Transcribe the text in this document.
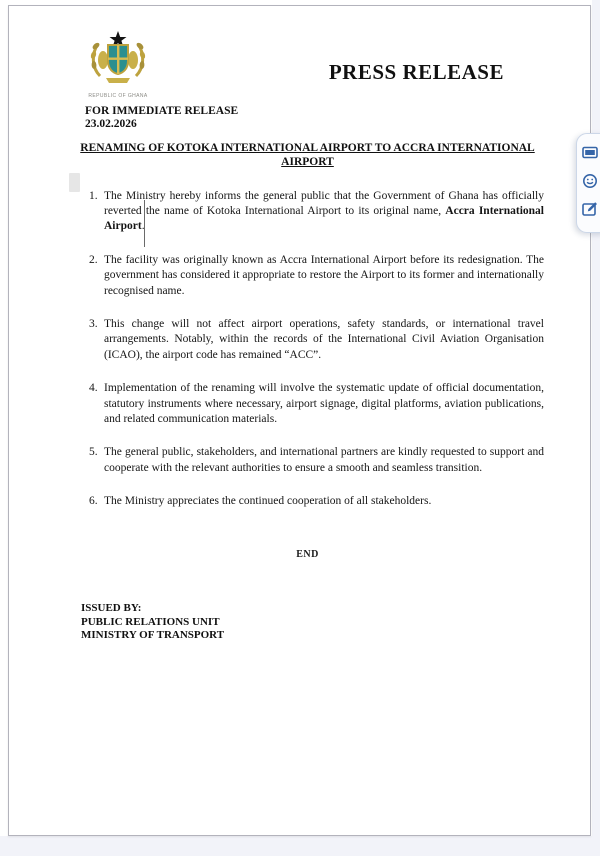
REPUBLIC OF GHANA
PRESS RELEASE
FOR IMMEDIATE RELEASE
23.02.2026
RENAMING OF KOTOKA INTERNATIONAL AIRPORT TO ACCRA INTERNATIONAL AIRPORT
1. The Ministry hereby informs the general public that the Government of Ghana has officially reverted the name of Kotoka International Airport to its original name, Accra International Airport.
2. The facility was originally known as Accra International Airport before its redesignation. The government has considered it appropriate to restore the Airport to its former and internationally recognised name.
3. This change will not affect airport operations, safety standards, or international travel arrangements. Notably, within the records of the International Civil Aviation Organisation (ICAO), the airport code has remained “ACC”.
4. Implementation of the renaming will involve the systematic update of official documentation, statutory instruments where necessary, airport signage, digital platforms, aviation publications, and related communication materials.
5. The general public, stakeholders, and international partners are kindly requested to support and cooperate with the relevant authorities to ensure a smooth and seamless transition.
6. The Ministry appreciates the continued cooperation of all stakeholders.
END
ISSUED BY:
PUBLIC RELATIONS UNIT
MINISTRY OF TRANSPORT
